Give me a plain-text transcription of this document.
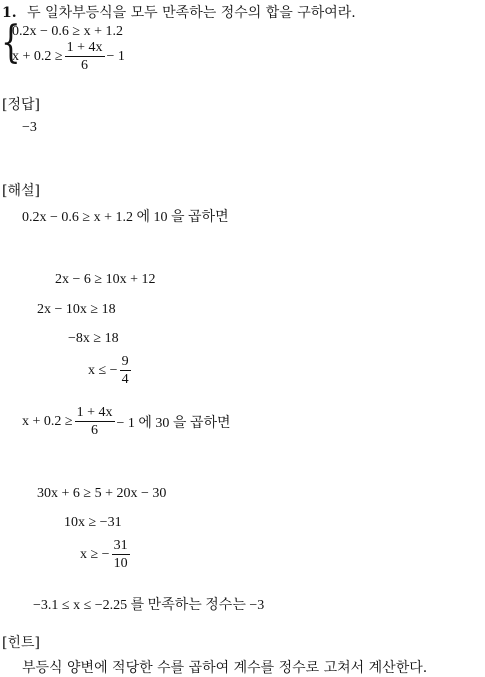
1. 두 일차부등식을 모두 만족하는 정수의 합을 구하여라.
{
0.2x − 0.6 ≥ x + 1.2
$x + 0.2 \ge \frac{1 + 4x}{6} - 1$
[정답]
−3
[해설]
0.2x − 0.6 ≥ x + 1.2 에 10 을 곱하면
2x − 6 ≥ 10x + 12
2x − 10x ≥ 18
−8x ≥ 18
x ≤ − $\frac{9}{4}$
$x + 0.2 \ge \frac{1 + 4x}{6} - 1$ 에 30 을 곱하면
30x + 6 ≥ 5 + 20x − 30
10x ≥ −31
x ≥ − $\frac{31}{10}$
−3.1 ≤ x ≤ −2.25 를 만족하는 정수는 −3
[힌트]
부등식 양변에 적당한 수를 곱하여 계수를 정수로 고쳐서 계산한다.
